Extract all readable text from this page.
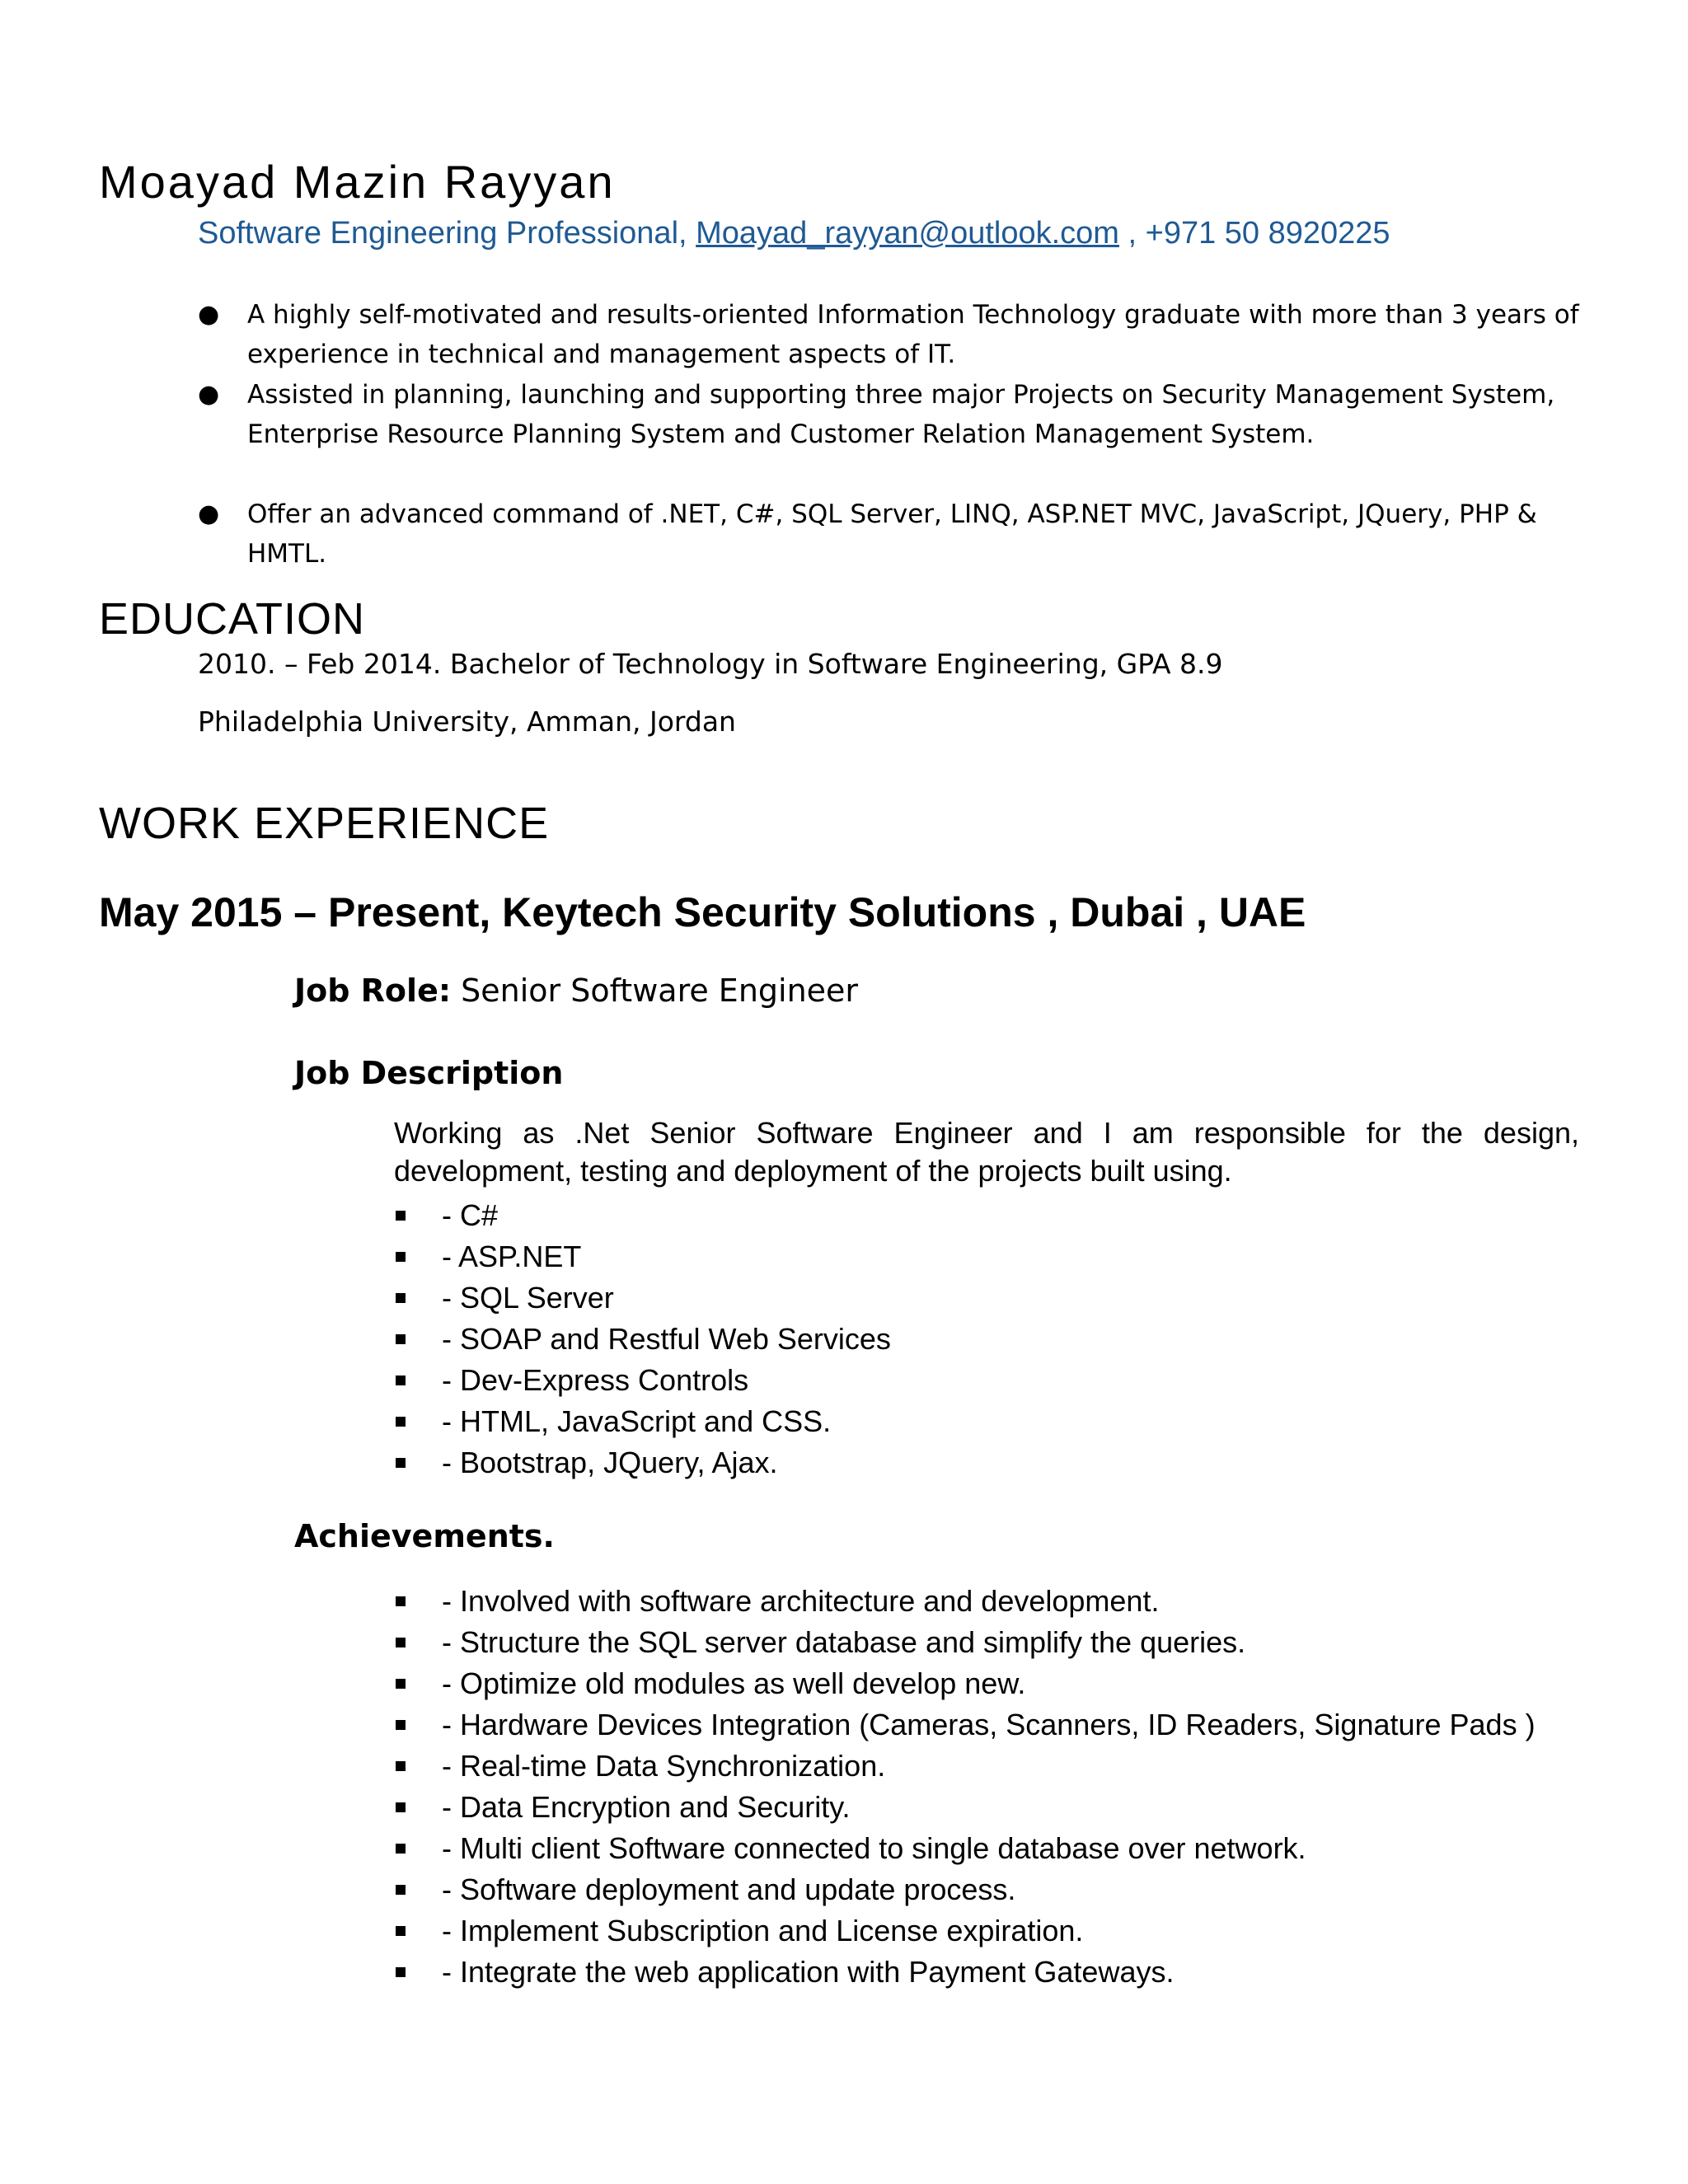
Moayad Mazin Rayyan
Software Engineering Professional, Moayad_rayyan@outlook.com , +971 50 8920225
●	A highly self-motivated and results-oriented Information Technology graduate with more than 3 years of experience in technical and management aspects of IT.
●	Assisted in planning, launching and supporting three major Projects on Security Management System, Enterprise Resource Planning System and Customer Relation Management System.
●	Offer an advanced command of .NET, C#, SQL Server, LINQ, ASP.NET MVC, JavaScript, JQuery, PHP & HMTL.
EDUCATION
2010. – Feb 2014. Bachelor of Technology in Software Engineering, GPA 8.9
Philadelphia University, Amman, Jordan
WORK EXPERIENCE
May 2015 – Present, Keytech Security Solutions , Dubai , UAE
Job Role: Senior Software Engineer
Job Description
Working as .Net Senior Software Engineer and I am responsible for the design, development, testing and deployment of the projects built using.
- C#
- ASP.NET
- SQL Server
- SOAP and Restful Web Services
- Dev-Express Controls
- HTML, JavaScript and CSS.
- Bootstrap, JQuery, Ajax.
Achievements.
- Involved with software architecture and development.
- Structure the SQL server database and simplify the queries.
- Optimize old modules as well develop new.
- Hardware Devices Integration (Cameras, Scanners, ID Readers, Signature Pads )
- Real-time Data Synchronization.
- Data Encryption and Security.
- Multi client Software connected to single database over network.
- Software deployment and update process.
- Implement Subscription and License expiration.
- Integrate the web application with Payment Gateways.
